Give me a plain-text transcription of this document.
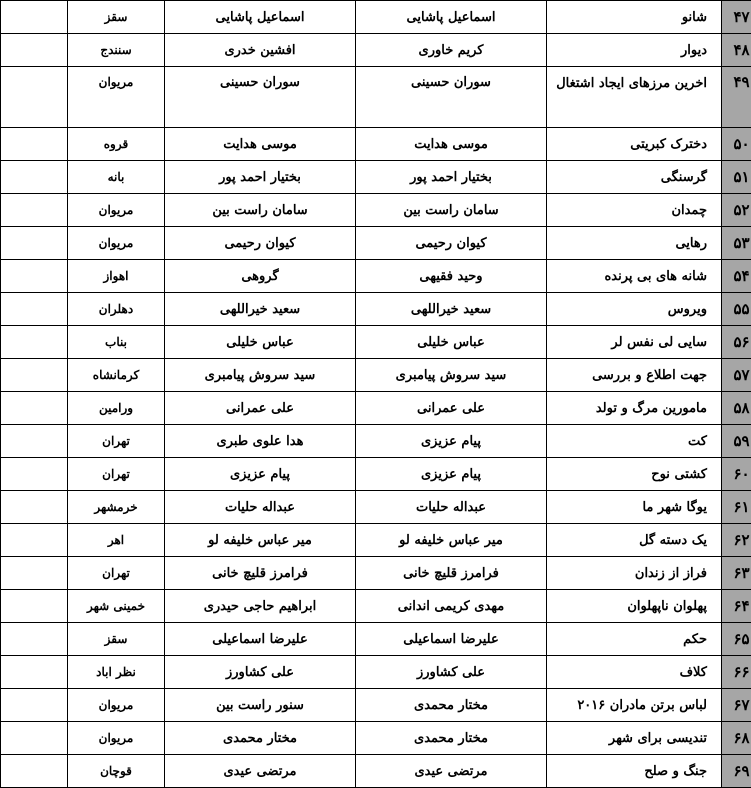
۴۷	شانو	اسماعیل پاشایی	اسماعیل پاشایی	سقز	
۴۸	دیوار	کریم خاوری	افشین خدری	سنندج	
۴۹	اخرین مرزهای ایجاد اشتغال	سوران حسینی	سوران حسینی	مریوان	
۵۰	دخترک کبریتی	موسی هدایت	موسی هدایت	قروه	
۵۱	گرسنگی	بختیار احمد پور	بختیار احمد پور	بانه	
۵۲	چمدان	سامان راست بین	سامان راست بین	مریوان	
۵۳	رهایی	کیوان رحیمی	کیوان رحیمی	مریوان	
۵۴	شانه های بی پرنده	وحید فقیهی	گروهی	اهواز	
۵۵	ویروس	سعید خیراللهی	سعید خیراللهی	دهلران	
۵۶	سایی لی نفس لر	عباس خلیلی	عباس خلیلی	بناب	
۵۷	جهت اطلاع و بررسی	سید سروش پیامبری	سید سروش پیامبری	کرمانشاه	
۵۸	مامورین مرگ و تولد	علی عمرانی	علی عمرانی	ورامین	
۵۹	کت	پیام عزیزی	هدا علوی طبری	تهران	
۶۰	کشتی نوح	پیام عزیزی	پیام عزیزی	تهران	
۶۱	یوگا شهر ما	عبداله حلیات	عبداله حلیات	خرمشهر	
۶۲	یک دسته گل	میر عباس خلیفه لو	میر عباس خلیفه لو	اهر	
۶۳	فراز از زندان	فرامرز قلیچ خانی	فرامرز قلیچ خانی	تهران	
۶۴	پهلوان ناپهلوان	مهدی کریمی اندانی	ابراهیم حاجی حیدری	خمینی شهر	
۶۵	حکم	علیرضا اسماعیلی	علیرضا اسماعیلی	سقز	
۶۶	کلاف	علی کشاورز	علی کشاورز	نظر اباد	
۶۷	لباس برتن مادران ۲۰۱۶	مختار محمدی	سنور راست بین	مریوان	
۶۸	تندیسی برای شهر	مختار محمدی	مختار محمدی	مریوان	
۶۹	جنگ و صلح	مرتضی عیدی	مرتضی عیدی	قوچان	
